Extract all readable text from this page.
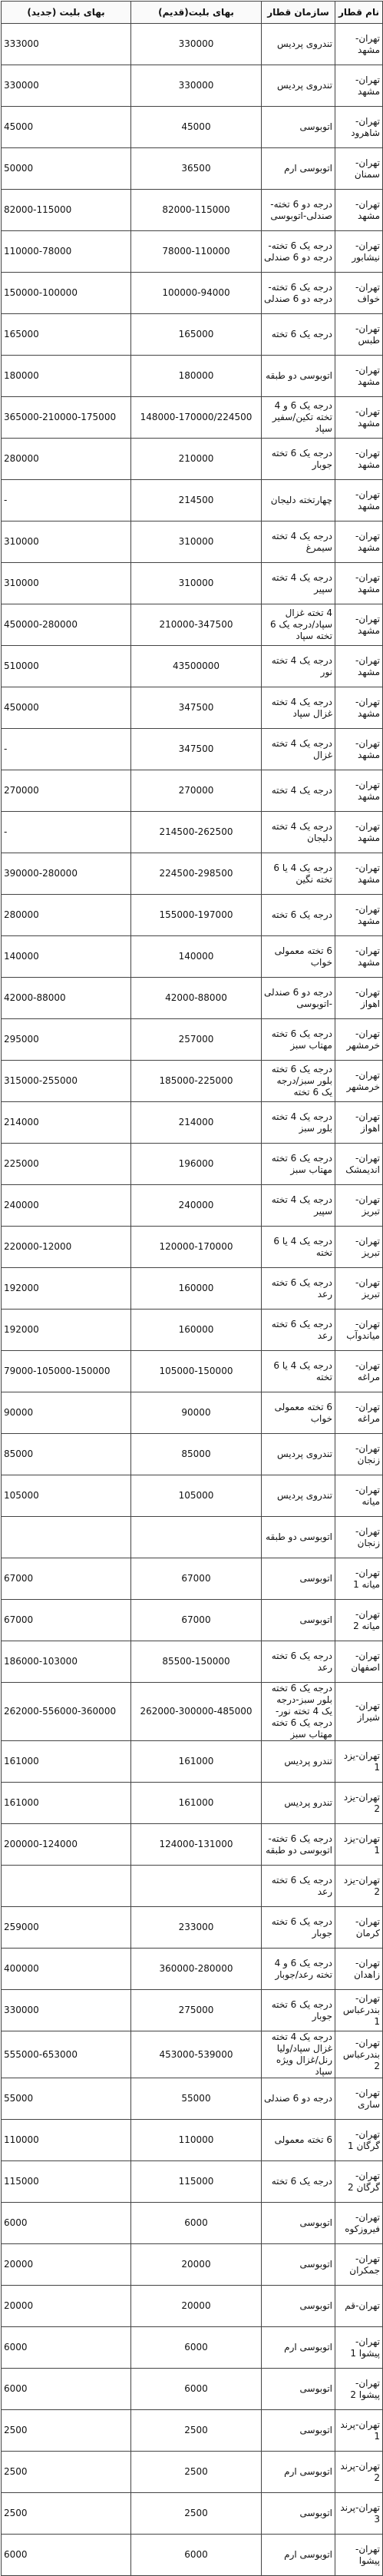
نام قطار	سازمان قطار	بهای بلیت(قدیم)	بهای بلیت (جدید)
تهران-مشهد	تندروی پردیس	330000	333000
تهران-مشهد	تندروی پردیس	330000	330000
تهران-شاهرود	اتوبوسی	45000	45000
تهران-سمنان	اتوبوسی ارم	36500	50000
تهران-مشهد	درجه دو 6 تخته-صندلی-اتوبوسی	82000-115000	82000-115000
تهران-نیشابور	درجه یک 6 تخته-درجه دو 6 صندلی	78000-110000	110000-78000
تهران-خواف	درجه یک 6 تخته-درجه دو 6 صندلی	100000-94000	150000-100000
تهران-طبس	درجه یک 6 تخته	165000	165000
تهران-مشهد	اتوبوسی دو طبقه	180000	180000
تهران-مشهد	درجه یک 6 و 4 تخته تکین/سفیر سپاد	148000-170000/224500	365000-210000-175000
تهران-مشهد	درجه یک 6 تخته جوبار	210000	280000
تهران-مشهد	چهارتخته دلیجان	214500	-
تهران-مشهد	درجه یک 4 تخته سیمرغ	310000	310000
تهران-مشهد	درجه یک 4 تخته سپیر	310000	310000
تهران-مشهد	4 تخته غزال سپاد/درجه یک 6 تخته سپاد	210000-347500	450000-280000
تهران-مشهد	درجه یک 4 تخته نور	43500000	510000
تهران-مشهد	درجه یک 4 تخته غزال سپاد	347500	450000
تهران-مشهد	درجه یک 4 تخته غزال	347500	-
تهران-مشهد	درجه یک 4 تخته	270000	270000
تهران-مشهد	درجه یک 4 تخته دلیجان	214500-262500	-
تهران-مشهد	درجه یک 4 یا 6 تخته نگین	224500-298500	390000-280000
تهران-مشهد	درجه یک 6 تخته	155000-197000	280000
تهران-مشهد	6 تخته معمولی خواب	140000	140000
تهران-اهواز	درجه دو 6 صندلی -اتوبوسی	42000-88000	42000-88000
تهران-خرمشهر	درجه یک 6 تخته مهتاب سبز	257000	295000
تهران-خرمشهر	درجه یک 6 تخته بلور سبز/درجه یک 6 تخته	185000-225000	315000-255000
تهران-اهواز	درجه یک 4 تخته بلور سبز	214000	214000
تهران-اندیمشک	درجه یک 6 تخته مهتاب سبز	196000	225000
تهران-تبریز	درجه یک 4 تخته سپیر	240000	240000
تهران-تبریز	درجه یک 4 یا 6 تخته	120000-170000	220000-12000
تهران-تبریز	درجه یک 6 تخته رعد	160000	192000
تهران-میاندوآب	درجه یک 6 تخته رعد	160000	192000
تهران-مراغه	درجه یک 4 یا 6 تخته	105000-150000	79000-105000-150000
تهران-مراغه	6 تخته معمولی خواب	90000	90000
تهران-زنجان	تندروی پردیس	85000	85000
تهران-میانه	تندروی پردیس	105000	105000
تهران-زنجان	اتوبوسی دو طبقه		
تهران-میانه 1	اتوبوسی	67000	67000
تهران-میانه 2	اتوبوسی	67000	67000
تهران-اصفهان	درجه یک 6 تخته رعد	85500-150000	186000-103000
تهران-شیراز	درجه یک 6 تخته بلور سبز-درجه یک 4 تخته نور-درجه یک 6 تخته مهتاب سبز	262000-300000-485000	262000-556000-360000
تهران-یزد 1	تندرو پردیس	161000	161000
تهران-یزد 2	تندرو پردیس	161000	161000
تهران-یزد 1	درجه یک 6 تخته-اتوبوسی دو طبقه	124000-131000	200000-124000
تهران-یزد 2	درجه یک 6 تخته رعد		
تهران-کرمان	درجه یک 6 تخته جوبار	233000	259000
تهران-زاهدان	درجه یک 6 و 4 تخته رعد/جوبار	360000-280000	400000
تهران-بندرعباس 1	درجه یک 6 تخته جوبار	275000	330000
تهران-بندرعباس 2	درجه یک 4 تخته غزال سپاد/ولیا رنل/غزال ویژه سپاد	453000-539000	555000-653000
تهران-ساری	درجه دو 6 صندلی	55000	55000
تهران-گرگان 1	6 تخته معمولی	110000	110000
تهران-گرگان 2	درجه یک 6 تخته	115000	115000
تهران-فیروزکوه	اتوبوسی	6000	6000
تهران-جمکران	اتوبوسی	20000	20000
تهران-قم	اتوبوسی	20000	20000
تهران-پیشوا 1	اتوبوسی ارم	6000	6000
تهران-پیشوا 2	اتوبوسی	6000	6000
تهران-پرند 1	اتوبوسی	2500	2500
تهران-پرند 2	اتوبوسی ارم	2500	2500
تهران-پرند 3	اتوبوسی	2500	2500
تهران-پیشوا	اتوبوسی ارم	6000	6000
